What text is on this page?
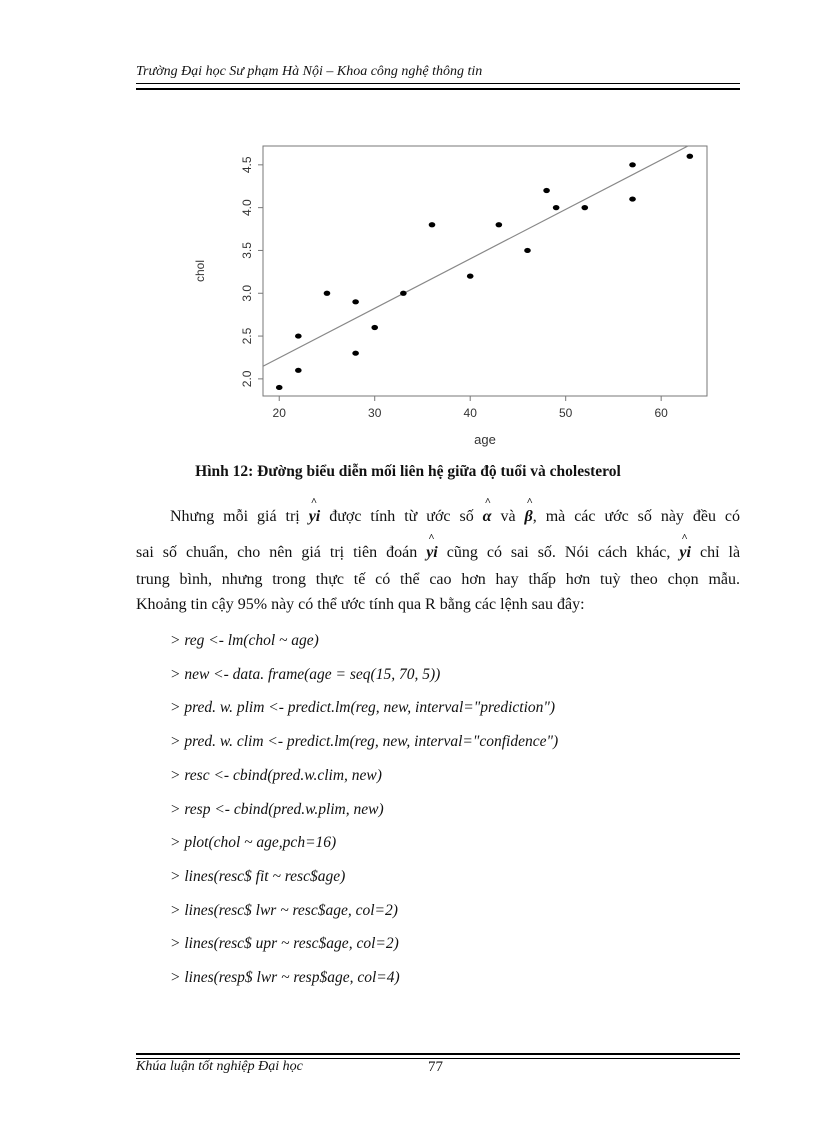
Trường Đại học Sư phạm Hà Nội – Khoa công nghệ thông tin
20	30	40	50	60
2.0
2.5
3.0
3.5
4.0
4.5
age
chol
Hình 12: Đường biểu diễn mối liên hệ giữa độ tuổi và cholesterol
Nhưng mỗi giá trị ^ yi được tính từ ước số ^ α và ^ β, mà các ước số này đều có
sai số chuẩn, cho nên giá trị tiên đoán ^ yi cũng có sai số. Nói cách khác, ^ yi chỉ là
trung bình, nhưng trong thực tế có thể cao hơn hay thấp hơn tuỳ theo chọn mẫu.
Khoảng tin cậy 95% này có thể ước tính qua R bằng các lệnh sau đây:
> reg <- lm(chol ~ age)
> new <- data. frame(age = seq(15, 70, 5))
> pred. w. plim <- predict.lm(reg, new, interval="prediction")
> pred. w. clim <- predict.lm(reg, new, interval="confidence")
> resc <- cbind(pred.w.clim, new)
> resp <- cbind(pred.w.plim, new)
> plot(chol ~ age,pch=16)
> lines(resc$ fit ~ resc$age)
> lines(resc$ lwr ~ resc$age, col=2)
> lines(resc$ upr ~ resc$age, col=2)
> lines(resp$ lwr ~ resp$age, col=4)
Khúa luận tốt nghiệp Đại học	77
